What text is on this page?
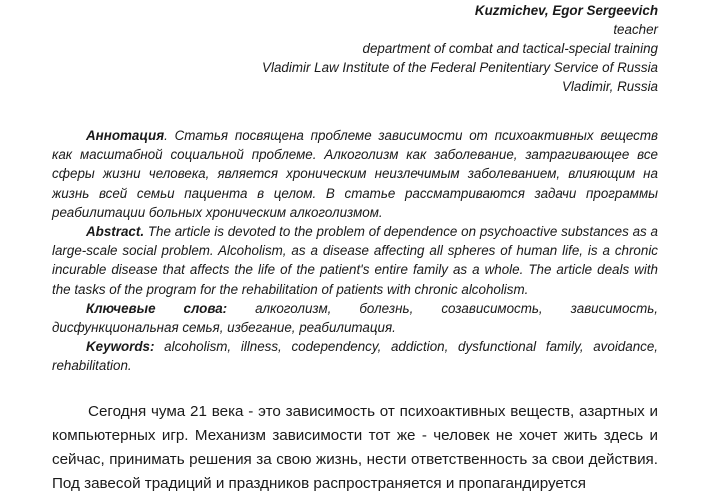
Kuzmichev, Egor Sergeevich
teacher
department of combat and tactical-special training
Vladimir Law Institute of the Federal Penitentiary Service of Russia
Vladimir, Russia

Аннотация. Статья посвящена проблеме зависимости от психоактивных веществ как масштабной социальной проблеме. Алкоголизм как заболевание, затрагивающее все сферы жизни человека, является хроническим неизлечимым заболеванием, влияющим на жизнь всей семьи пациента в целом. В статье рассматриваются задачи программы реабилитации больных хроническим алкоголизмом.

Abstract. The article is devoted to the problem of dependence on psychoactive substances as a large-scale social problem. Alcoholism, as a disease affecting all spheres of human life, is a chronic incurable disease that affects the life of the patient's entire family as a whole. The article deals with the tasks of the program for the rehabilitation of patients with chronic alcoholism.

Ключевые слова: алкоголизм, болезнь, созависимость, зависимость, дисфункциональная семья, избегание, реабилитация.

Keywords: alcoholism, illness, codependency, addiction, dysfunctional family, avoidance, rehabilitation.

Сегодня чума 21 века - это зависимость от психоактивных веществ, азартных и компьютерных игр. Механизм зависимости тот же - человек не хочет жить здесь и сейчас, принимать решения за свою жизнь, нести ответственность за свои действия. Под завесой традиций и праздников распространяется и пропагандируется
